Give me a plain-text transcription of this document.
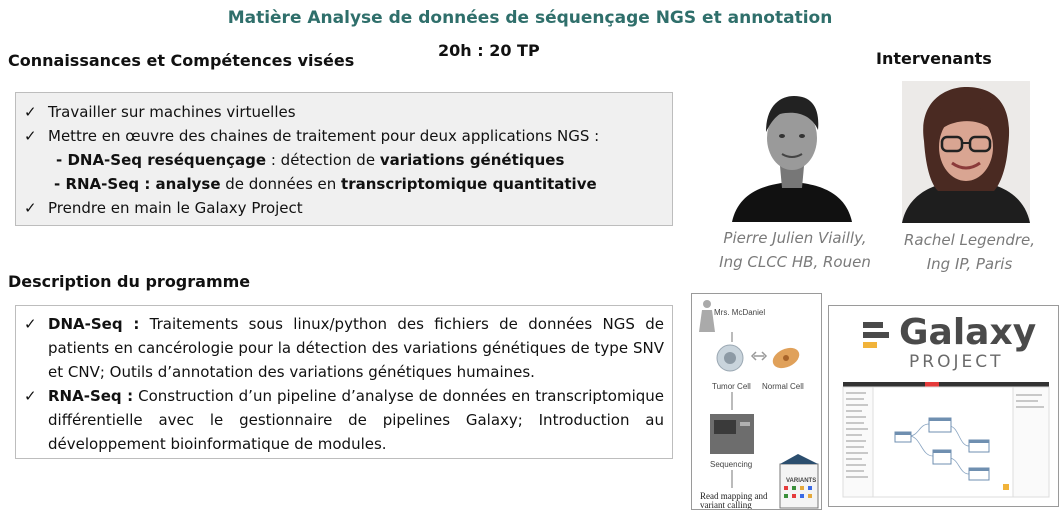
Matière Analyse de données de séquençage NGS et annotation
20h : 20 TP
Connaissances et Compétences visées
✓ Travailler sur machines virtuelles
✓ Mettre en œuvre des chaines de traitement pour deux applications NGS :
- DNA-Seq reséquençage : détection de variations génétiques
- RNA-Seq : analyse de données en transcriptomique quantitative
✓ Prendre en main le Galaxy Project
Intervenants
Pierre Julien Viailly,
Ing CLCC HB, Rouen
Rachel Legendre,
Ing IP, Paris
Description du programme
✓ DNA-Seq : Traitements sous linux/python des fichiers de données NGS de patients en cancérologie pour la détection des variations génétiques de type SNV et CNV; Outils d’annotation des variations génétiques humaines.
✓ RNA-Seq : Construction d’un pipeline d’analyse de données en transcriptomique différentielle avec le gestionnaire de pipelines Galaxy; Introduction au développement bioinformatique de modules.
Mrs. McDaniel
Tumor Cell Normal Cell
Sequencing
VARIANTS
Read mapping and variant calling
Galaxy
PROJECT
